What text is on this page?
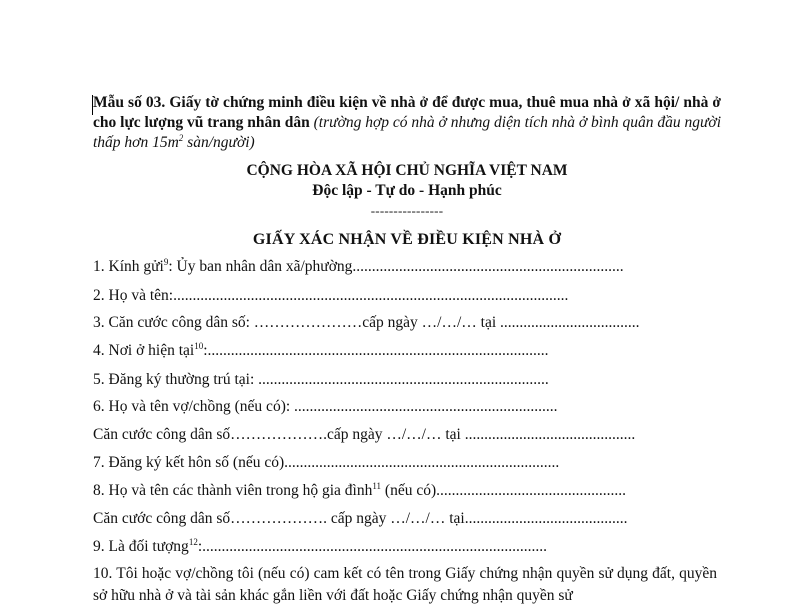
Mẫu số 03. Giấy tờ chứng minh điều kiện về nhà ở để được mua, thuê mua nhà ở xã hội/ nhà ở cho lực lượng vũ trang nhân dân (trường hợp có nhà ở nhưng diện tích nhà ở bình quân đầu người thấp hơn $15m^2$ sàn/người)
CỘNG HÒA XÃ HỘI CHỦ NGHĨA VIỆT NAM
Độc lập - Tự do - Hạnh phúc
----------------
GIẤY XÁC NHẬN VỀ ĐIỀU KIỆN NHÀ Ở
1. Kính gửi$^9$: Ủy ban nhân dân xã/phường......................................................................
2. Họ và tên:......................................................................................................
3. Căn cước công dân số: …………………cấp ngày …/…/… tại ....................................
4. Nơi ở hiện tại$^{10}$:........................................................................................
5. Đăng ký thường trú tại: ...........................................................................
6. Họ và tên vợ/chồng (nếu có): ....................................................................
Căn cước công dân số……………….cấp ngày …/…/… tại ............................................
7. Đăng ký kết hôn số (nếu có).......................................................................
8. Họ và tên các thành viên trong hộ gia đình$^{11}$ (nếu có).................................................
Căn cước công dân số………………. cấp ngày …/…/… tại..........................................
9. Là đối tượng$^{12}$:.........................................................................................
10. Tôi hoặc vợ/chồng tôi (nếu có) cam kết có tên trong Giấy chứng nhận quyền sử dụng đất, quyền sở hữu nhà ở và tài sản khác gắn liền với đất hoặc Giấy chứng nhận quyền sử
